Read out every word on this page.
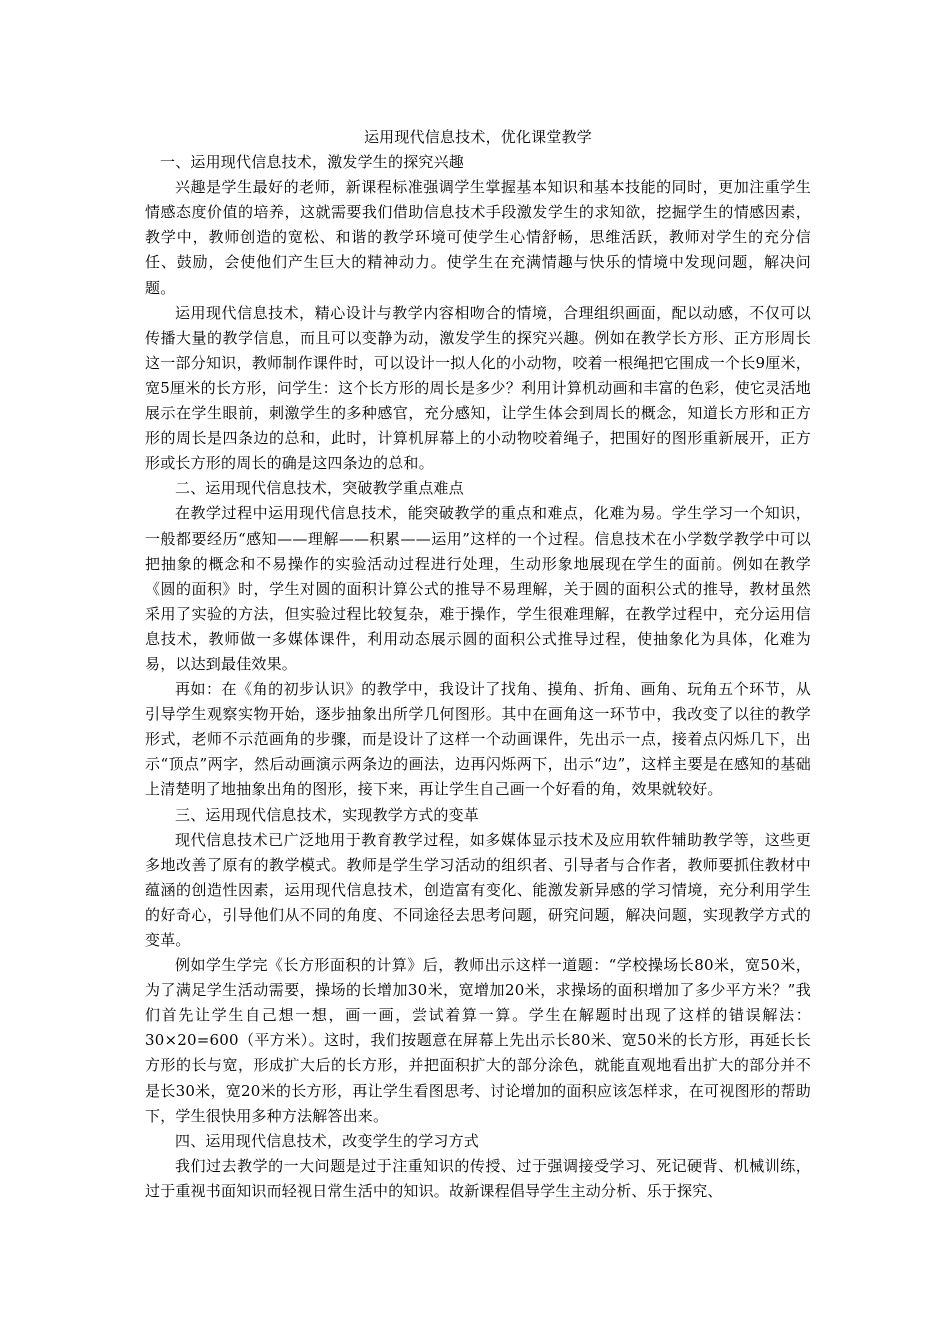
运用现代信息技术，优化课堂教学

一、运用现代信息技术，激发学生的探究兴趣

兴趣是学生最好的老师，新课程标准强调学生掌握基本知识和基本技能的同时，更加注重学生情感态度价值的培养，这就需要我们借助信息技术手段激发学生的求知欲，挖掘学生的情感因素，教学中，教师创造的宽松、和谐的教学环境可使学生心情舒畅，思维活跃，教师对学生的充分信任、鼓励，会使他们产生巨大的精神动力。使学生在充满情趣与快乐的情境中发现问题，解决问题。

运用现代信息技术，精心设计与教学内容相吻合的情境，合理组织画面，配以动感，不仅可以传播大量的教学信息，而且可以变静为动，激发学生的探究兴趣。例如在教学长方形、正方形周长这一部分知识，教师制作课件时，可以设计一拟人化的小动物，咬着一根绳把它围成一个长9厘米，宽5厘米的长方形，问学生：这个长方形的周长是多少？利用计算机动画和丰富的色彩，使它灵活地展示在学生眼前，刺激学生的多种感官，充分感知，让学生体会到周长的概念，知道长方形和正方形的周长是四条边的总和，此时，计算机屏幕上的小动物咬着绳子，把围好的图形重新展开，正方形或长方形的周长的确是这四条边的总和。

二、运用现代信息技术，突破教学重点难点

在教学过程中运用现代信息技术，能突破教学的重点和难点，化难为易。学生学习一个知识，一般都要经历“感知——理解——积累——运用”这样的一个过程。信息技术在小学数学教学中可以把抽象的概念和不易操作的实验活动过程进行处理，生动形象地展现在学生的面前。例如在教学《圆的面积》时，学生对圆的面积计算公式的推导不易理解，关于圆的面积公式的推导，教材虽然采用了实验的方法，但实验过程比较复杂，难于操作，学生很难理解，在教学过程中，充分运用信息技术，教师做一多媒体课件，利用动态展示圆的面积公式推导过程，使抽象化为具体，化难为易，以达到最佳效果。

再如：在《角的初步认识》的教学中，我设计了找角、摸角、折角、画角、玩角五个环节，从引导学生观察实物开始，逐步抽象出所学几何图形。其中在画角这一环节中，我改变了以往的教学形式，老师不示范画角的步骤，而是设计了这样一个动画课件，先出示一点，接着点闪烁几下，出示“顶点”两字，然后动画演示两条边的画法，边再闪烁两下，出示“边”，这样主要是在感知的基础上清楚明了地抽象出角的图形，接下来，再让学生自己画一个好看的角，效果就较好。

三、运用现代信息技术，实现教学方式的变革

现代信息技术已广泛地用于教育教学过程，如多媒体显示技术及应用软件辅助教学等，这些更多地改善了原有的教学模式。教师是学生学习活动的组织者、引导者与合作者，教师要抓住教材中蕴涵的创造性因素，运用现代信息技术，创造富有变化、能激发新异感的学习情境，充分利用学生的好奇心，引导他们从不同的角度、不同途径去思考问题，研究问题，解决问题，实现教学方式的变革。

例如学生学完《长方形面积的计算》后，教师出示这样一道题：“学校操场长80米，宽50米，为了满足学生活动需要，操场的长增加30米，宽增加20米，求操场的面积增加了多少平方米？”我们首先让学生自己想一想，画一画，尝试着算一算。学生在解题时出现了这样的错误解法：30×20=600（平方米）。这时，我们按题意在屏幕上先出示长80米、宽50米的长方形，再延长长方形的长与宽，形成扩大后的长方形，并把面积扩大的部分涂色，就能直观地看出扩大的部分并不是长30米，宽20米的长方形，再让学生看图思考、讨论增加的面积应该怎样求，在可视图形的帮助下，学生很快用多种方法解答出来。

四、运用现代信息技术，改变学生的学习方式

我们过去教学的一大问题是过于注重知识的传授、过于强调接受学习、死记硬背、机械训练，过于重视书面知识而轻视日常生活中的知识。故新课程倡导学生主动分析、乐于探究、
